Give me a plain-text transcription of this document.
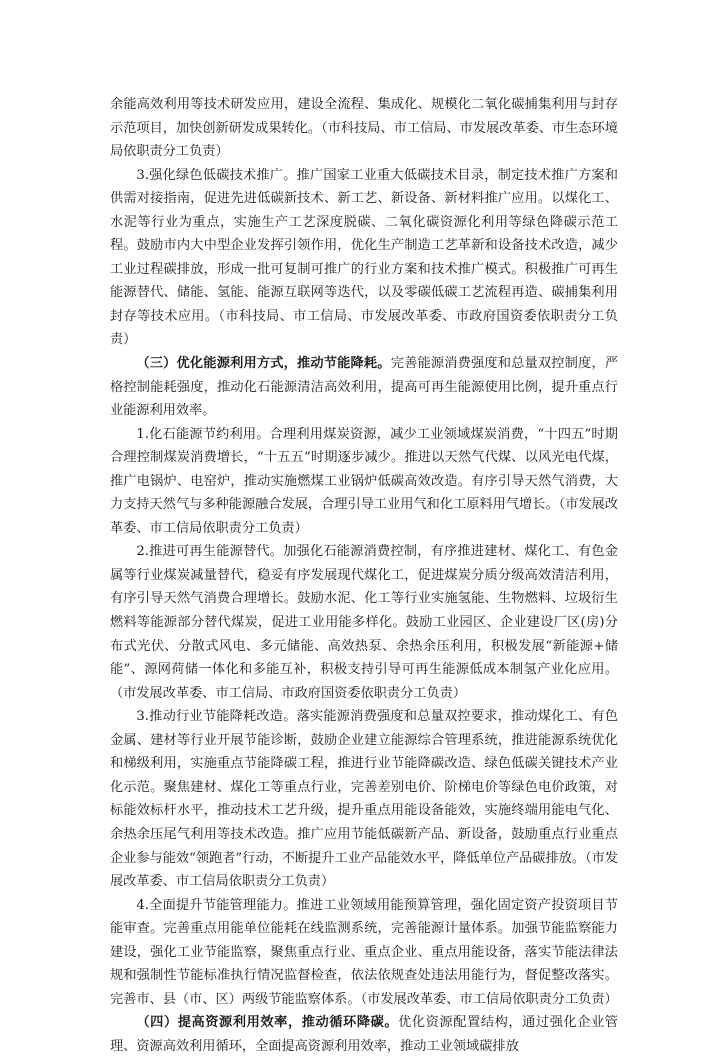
余能高效利用等技术研发应用，建设全流程、集成化、规模化二氧化碳捕集利用与封存示范项目，加快创新研发成果转化。（市科技局、市工信局、市发展改革委、市生态环境局依职责分工负责）

3.强化绿色低碳技术推广。推广国家工业重大低碳技术目录，制定技术推广方案和供需对接指南，促进先进低碳新技术、新工艺、新设备、新材料推广应用。以煤化工、水泥等行业为重点，实施生产工艺深度脱碳、二氧化碳资源化利用等绿色降碳示范工程。鼓励市内大中型企业发挥引领作用，优化生产制造工艺革新和设备技术改造，减少工业过程碳排放，形成一批可复制可推广的行业方案和技术推广模式。积极推广可再生能源替代、储能、氢能、能源互联网等迭代，以及零碳低碳工艺流程再造、碳捕集利用封存等技术应用。（市科技局、市工信局、市发展改革委、市政府国资委依职责分工负责）

（三）优化能源利用方式，推动节能降耗。完善能源消费强度和总量双控制度，严格控制能耗强度，推动化石能源清洁高效利用，提高可再生能源使用比例，提升重点行业能源利用效率。

1.化石能源节约利用。合理利用煤炭资源，减少工业领域煤炭消费，“十四五”时期合理控制煤炭消费增长，“十五五”时期逐步减少。推进以天然气代煤、以风光电代煤，推广电锅炉、电窑炉，推动实施燃煤工业锅炉低碳高效改造。有序引导天然气消费，大力支持天然气与多种能源融合发展，合理引导工业用气和化工原料用气增长。（市发展改革委、市工信局依职责分工负责）

2.推进可再生能源替代。加强化石能源消费控制，有序推进建材、煤化工、有色金属等行业煤炭减量替代，稳妥有序发展现代煤化工，促进煤炭分质分级高效清洁利用，有序引导天然气消费合理增长。鼓励水泥、化工等行业实施氢能、生物燃料、垃圾衍生燃料等能源部分替代煤炭，促进工业用能多样化。鼓励工业园区、企业建设厂区(房)分布式光伏、分散式风电、多元储能、高效热泵、余热余压利用，积极发展“新能源+储能”、源网荷储一体化和多能互补，积极支持引导可再生能源低成本制氢产业化应用。（市发展改革委、市工信局、市政府国资委依职责分工负责）

3.推动行业节能降耗改造。落实能源消费强度和总量双控要求，推动煤化工、有色金属、建材等行业开展节能诊断，鼓励企业建立能源综合管理系统，推进能源系统优化和梯级利用，实施重点节能降碳工程，推进行业节能降碳改造、绿色低碳关键技术产业化示范。聚焦建材、煤化工等重点行业，完善差别电价、阶梯电价等绿色电价政策，对标能效标杆水平，推动技术工艺升级，提升重点用能设备能效，实施终端用能电气化、余热余压尾气利用等技术改造。推广应用节能低碳新产品、新设备，鼓励重点行业重点企业参与能效“领跑者”行动，不断提升工业产品能效水平，降低单位产品碳排放。（市发展改革委、市工信局依职责分工负责）

4.全面提升节能管理能力。推进工业领域用能预算管理，强化固定资产投资项目节能审查。完善重点用能单位能耗在线监测系统，完善能源计量体系。加强节能监察能力建设，强化工业节能监察，聚焦重点行业、重点企业、重点用能设备，落实节能法律法规和强制性节能标准执行情况监督检查，依法依规查处违法用能行为，督促整改落实。完善市、县（市、区）两级节能监察体系。（市发展改革委、市工信局依职责分工负责）

（四）提高资源利用效率，推动循环降碳。优化资源配置结构，通过强化企业管理、资源高效利用循环，全面提高资源利用效率，推动工业领域碳排放
